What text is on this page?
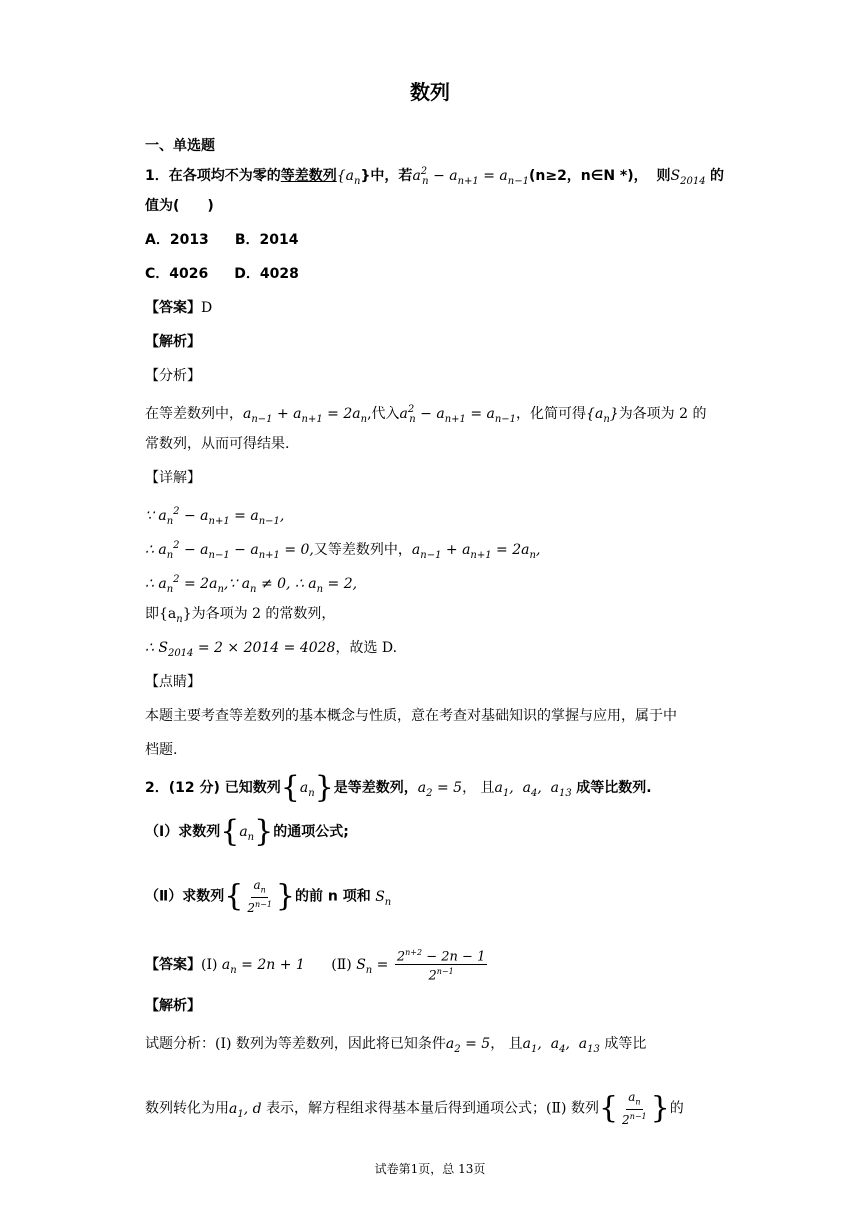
数列
一、单选题
1．在各项均不为零的等差数列$\{a_n\}$中，若$a^2_n - a_{n+1} = a_{n-1}(n\ge 2$，n∈N *)， 则$S_{2014}$ 的
值为(　　)
A．2013 B．2014
C．4026 D．4028
【答案】D
【解析】
【分析】
在等差数列中，$a_{n-1} + a_{n+1} = 2a_n$,代入$a^2_n - a_{n+1} = a_{n-1}$，化简可得$\{a_n\}$为各项为 2 的
常数列，从而可得结果.
【详解】
∵ $a_n^2 - a_{n+1} = a_{n-1}$,
∴ $a_n^2 - a_{n-1} - a_{n+1} = 0$,又等差数列中，$a_{n-1} + a_{n+1} = 2a_n$,
∴ $a_n^2$ = $2a_n,\because$ $a_n \ne 0$, ∴ $a_n = 2$,
即$\{a_n\}$为各项为 2 的常数列，
∴ $S_{2014} = 2 \times 2014 = 4028$，故选 D.
【点睛】
本题主要考查等差数列的基本概念与性质，意在考查对基础知识的掌握与应用，属于中
档题.
2．(12 分) 已知数列$\{a_n\}$是等差数列，$a_2 = 5$， 且$a_1$,  $a_4$,  $a_{13}$ 成等比数列.
（Ⅰ）求数列$\{a_n\}$的通项公式;
（Ⅱ）求数列{ $\frac{a_n}{2^{n-1}}$ }的前 n 项和 $S_n$
【答案】(Ⅰ) $a_n = 2n + 1$ (Ⅱ) $S_n = \frac{2^{n+2} - 2n - 1}{2^{n-1}}$
【解析】
试题分析：(Ⅰ) 数列为等差数列，因此将已知条件$a_2 = 5$， 且$a_1$,  $a_4$,  $a_{13}$ 成等比
数列转化为用$a_1$, d 表示，解方程组求得基本量后得到通项公式；(Ⅱ) 数列{ $\frac{a_n}{2^{n-1}}$ }的
试卷第1页，总 13页
